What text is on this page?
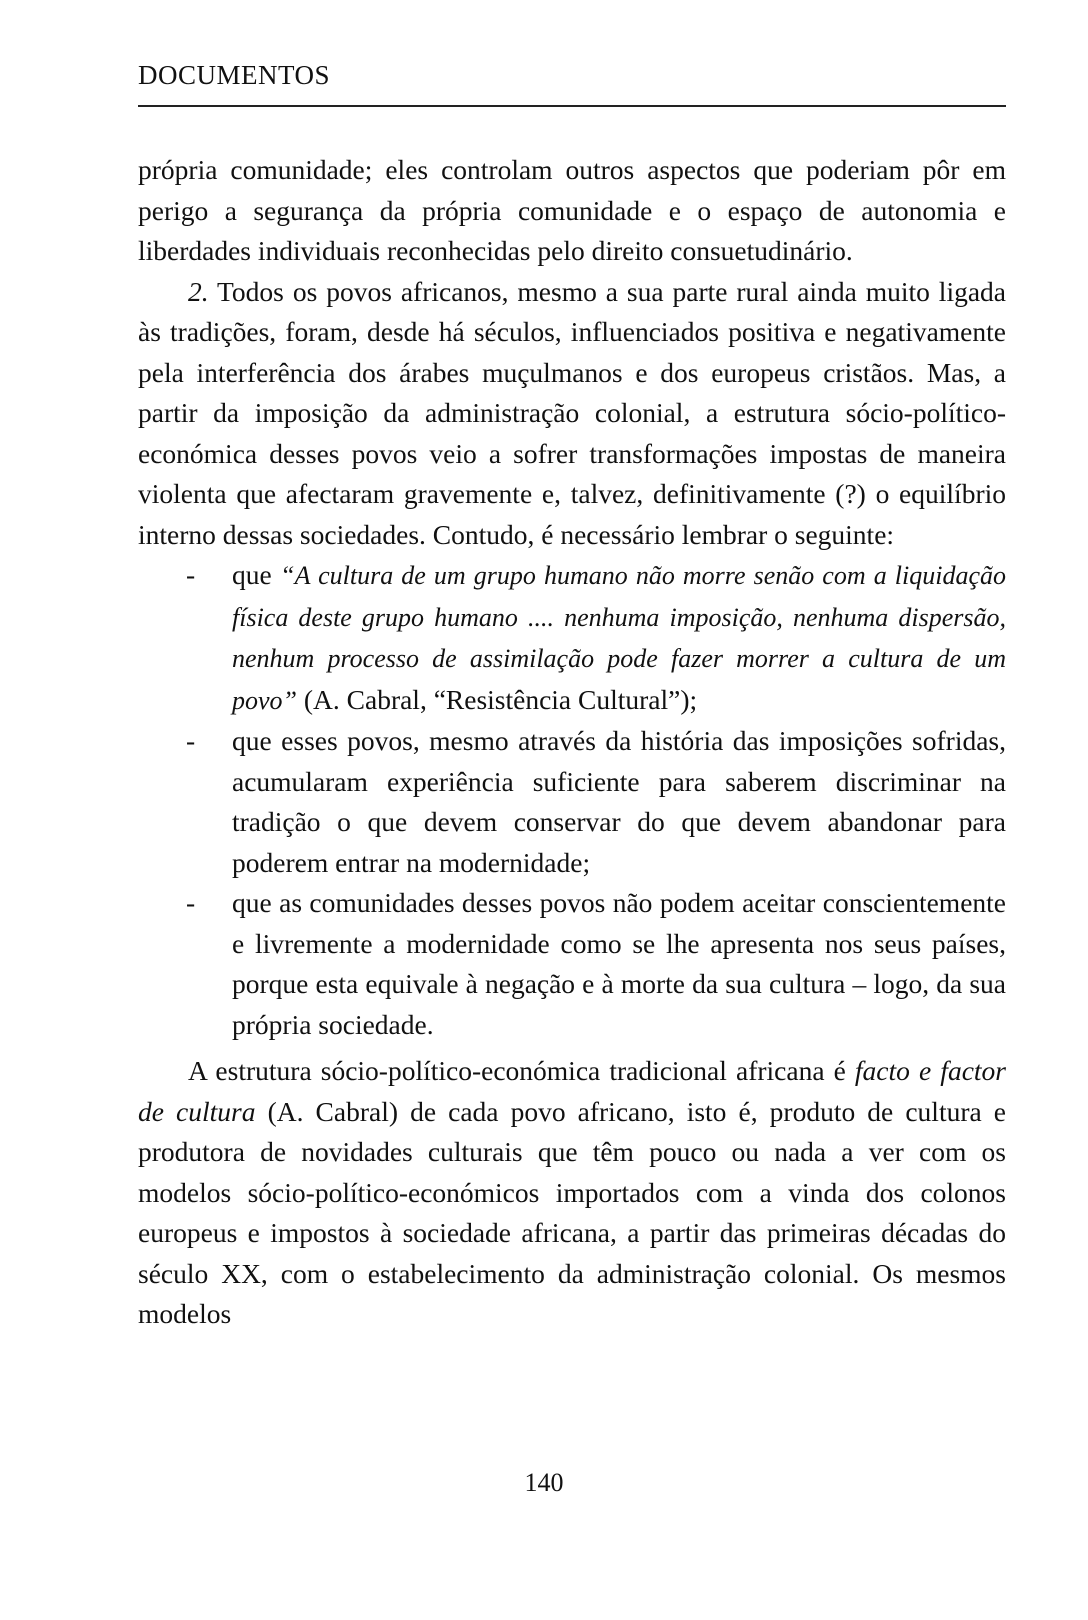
DOCUMENTOS

própria comunidade; eles controlam outros aspectos que poderiam pôr em perigo a segurança da própria comunidade e o espaço de autonomia e liberdades individuais reconhecidas pelo direito consuetudinário.

2. Todos os povos africanos, mesmo a sua parte rural ainda muito ligada às tradições, foram, desde há séculos, influenciados positiva e negativamente pela interferência dos árabes muçulmanos e dos europeus cristãos. Mas, a partir da imposição da administração colonial, a estrutura sócio-político-económica desses povos veio a sofrer transformações impostas de maneira violenta que afectaram gravemente e, talvez, definitivamente (?) o equilíbrio interno dessas sociedades. Contudo, é necessário lembrar o seguinte:

- que “A cultura de um grupo humano não morre senão com a liquidação física deste grupo humano .... nenhuma imposição, nenhuma dispersão, nenhum processo de assimilação pode fazer morrer a cultura de um povo” (A. Cabral, “Resistência Cultural”);
- que esses povos, mesmo através da história das imposições sofridas, acumularam experiência suficiente para saberem discriminar na tradição o que devem conservar do que devem abandonar para poderem entrar na modernidade;
- que as comunidades desses povos não podem aceitar conscientemente e livremente a modernidade como se lhe apresenta nos seus países, porque esta equivale à negação e à morte da sua cultura – logo, da sua própria sociedade.

A estrutura sócio-político-económica tradicional africana é facto e factor de cultura (A. Cabral) de cada povo africano, isto é, produto de cultura e produtora de novidades culturais que têm pouco ou nada a ver com os modelos sócio-político-económicos importados com a vinda dos colonos europeus e impostos à sociedade africana, a partir das primeiras décadas do século XX, com o estabelecimento da administração colonial. Os mesmos modelos

140
